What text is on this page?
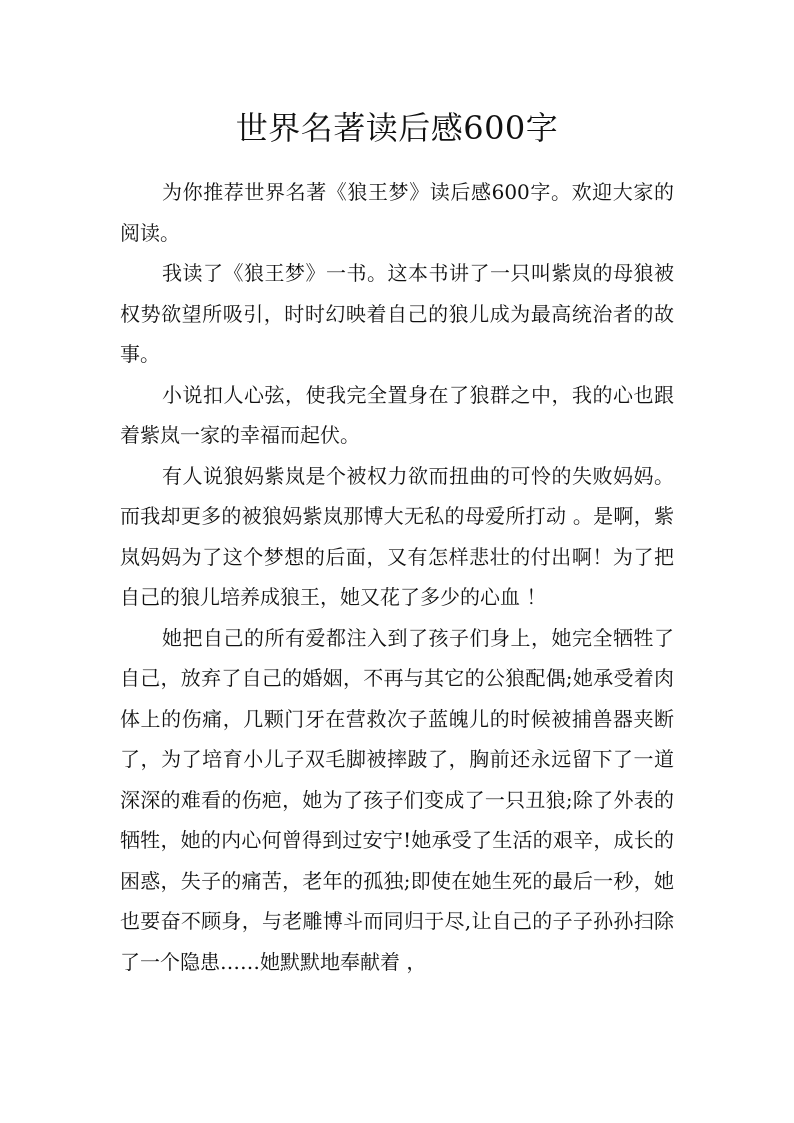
世界名著读后感600字

为你推荐世界名著《狼王梦》读后感600字。欢迎大家的阅读。

我读了《狼王梦》一书。这本书讲了一只叫紫岚的母狼被权势欲望所吸引，时时幻映着自己的狼儿成为最高统治者的故事。

小说扣人心弦，使我完全置身在了狼群之中，我的心也跟着紫岚一家的幸福而起伏。

有人说狼妈紫岚是个被权力欲而扭曲的可怜的失败妈妈。而我却更多的被狼妈紫岚那博大无私的母爱所打动 。是啊，紫岚妈妈为了这个梦想的后面，又有怎样悲壮的付出啊！为了把自己的狼儿培养成狼王，她又花了多少的心血 ！

她把自己的所有爱都注入到了孩子们身上，她完全牺牲了自己，放弃了自己的婚姻，不再与其它的公狼配偶;她承受着肉体上的伤痛，几颗门牙在营救次子蓝魄儿的时候被捕兽器夹断了，为了培育小儿子双毛脚被摔跛了，胸前还永远留下了一道深深的难看的伤疤，她为了孩子们变成了一只丑狼;除了外表的牺牲，她的内心何曾得到过安宁!她承受了生活的艰辛，成长的困惑，失子的痛苦，老年的孤独;即使在她生死的最后一秒，她也要奋不顾身，与老雕博斗而同归于尽,让自己的子子孙孙扫除了一个隐患……她默默地奉献着 ，
